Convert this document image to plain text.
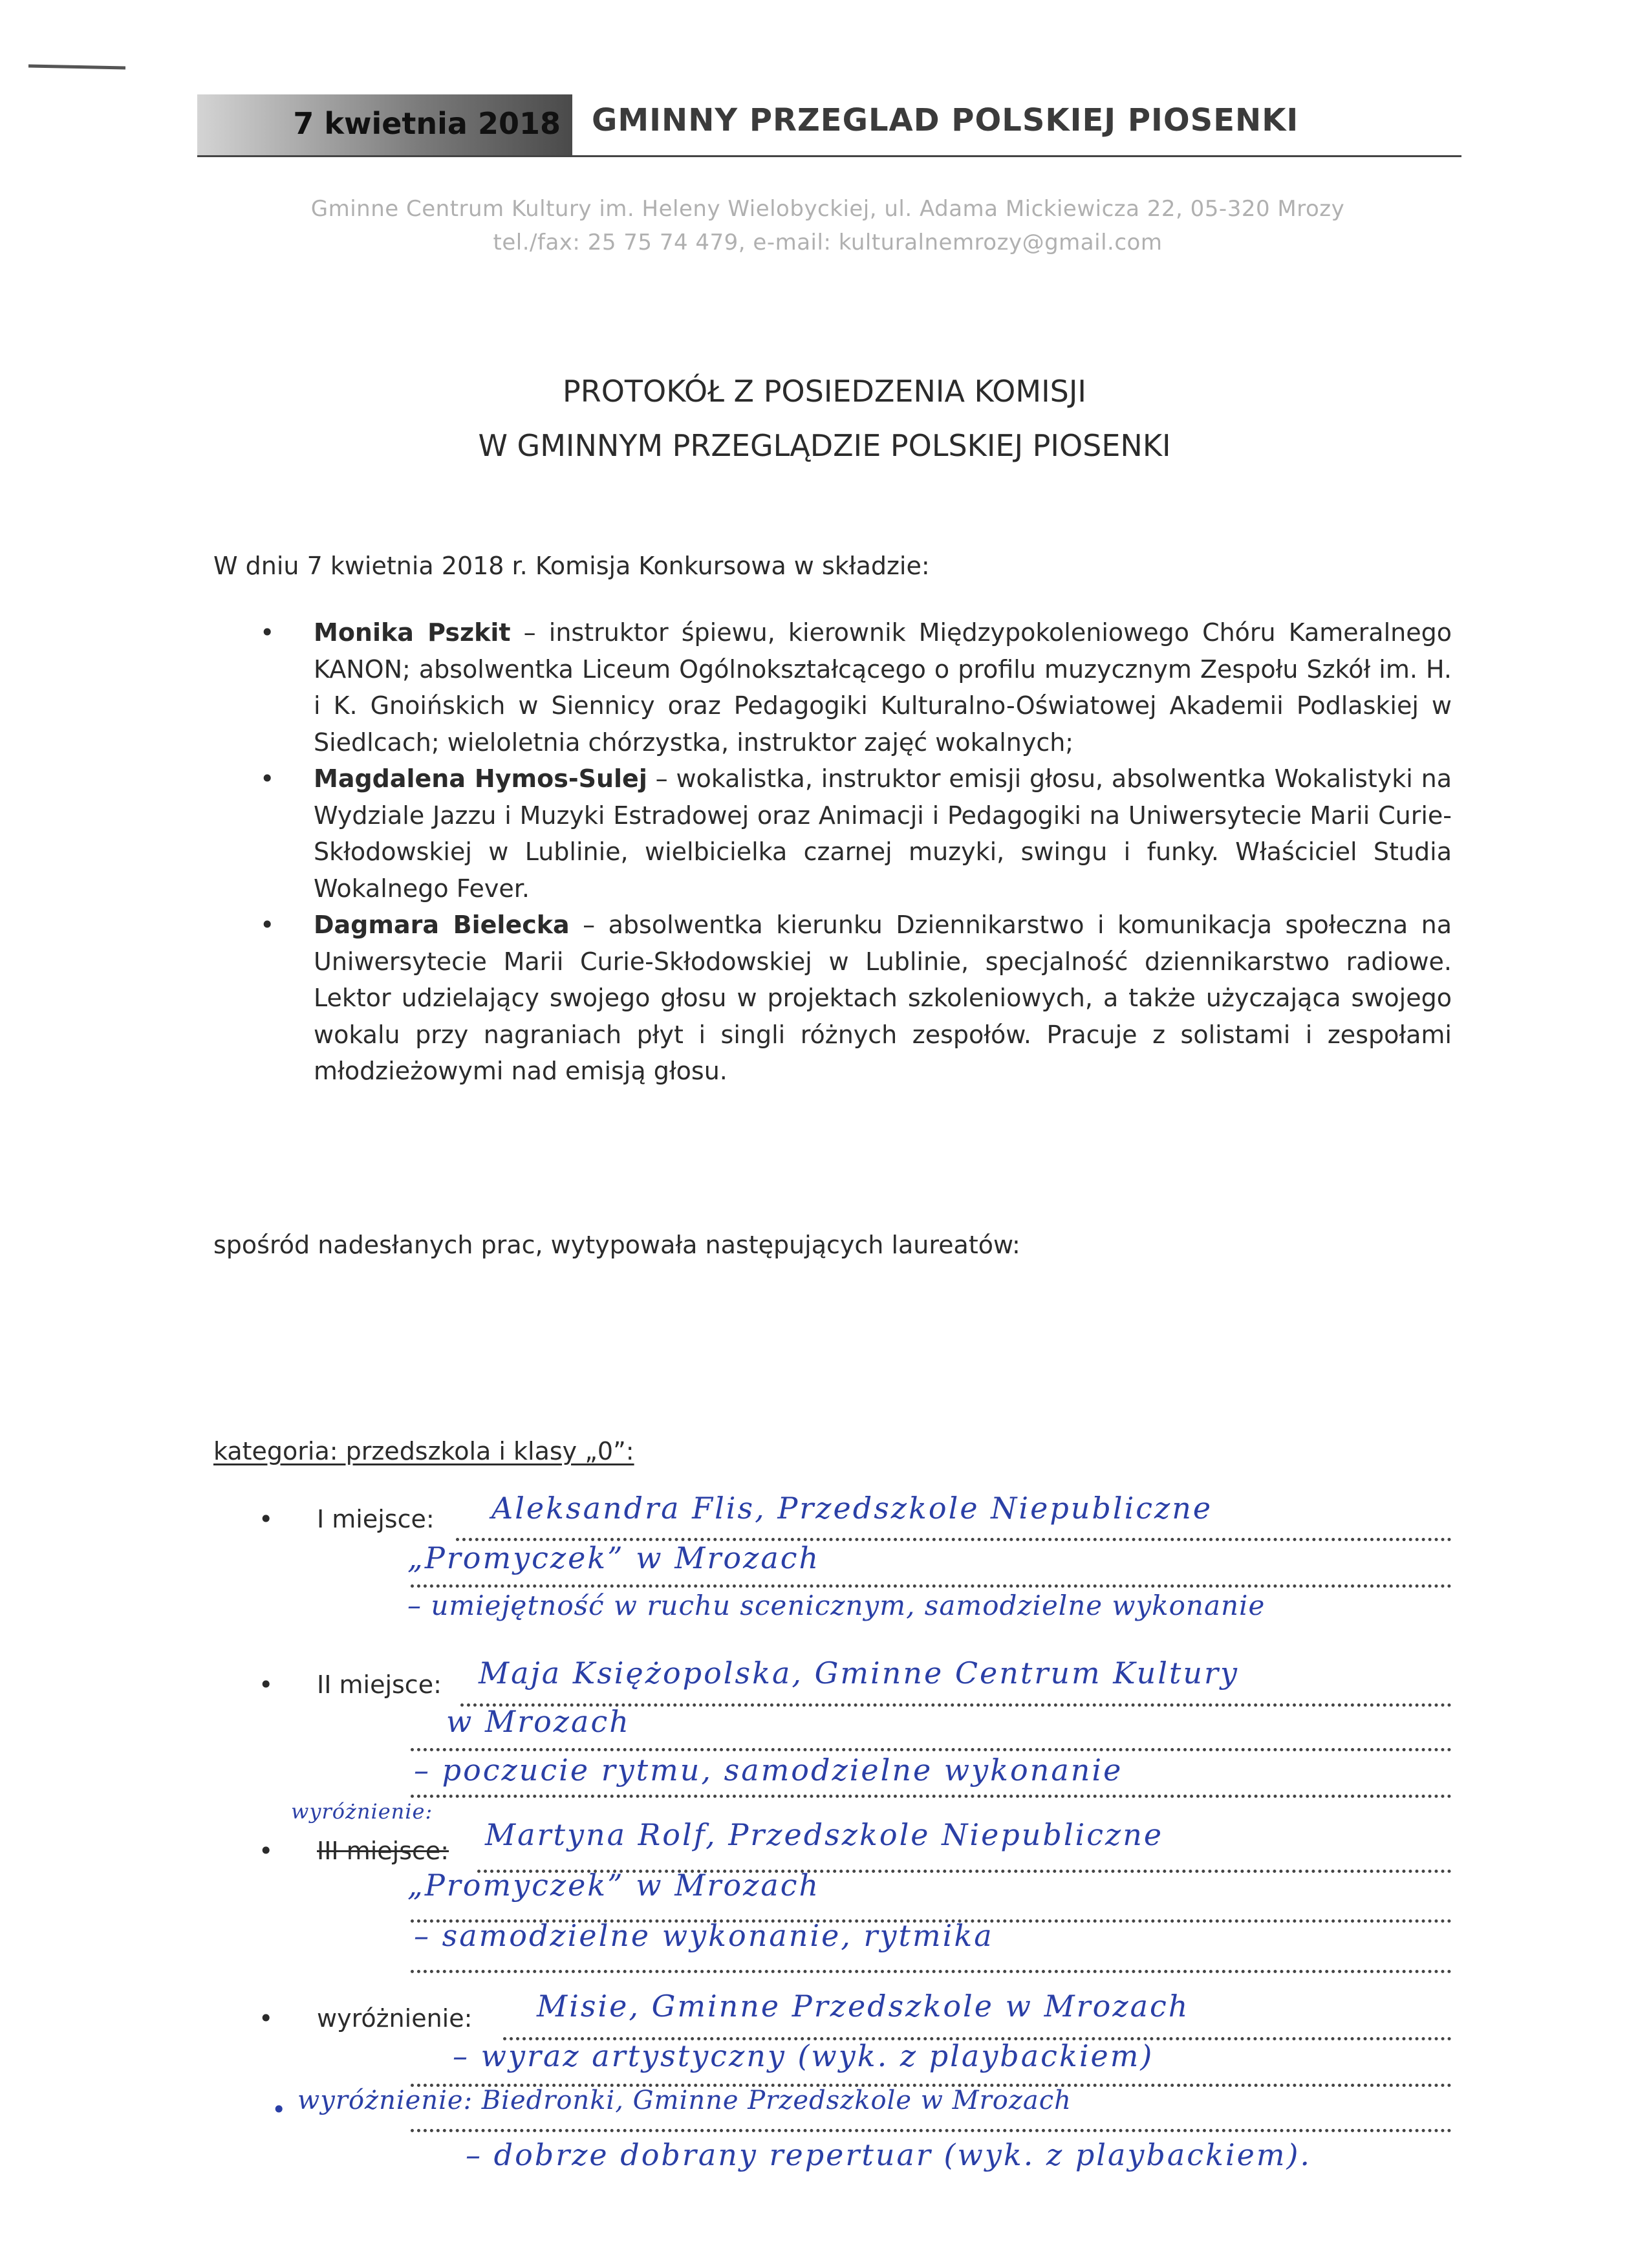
7 kwietnia 2018 GMINNY PRZEGLAD POLSKIEJ PIOSENKI

Gminne Centrum Kultury im. Heleny Wielobyckiej, ul. Adama Mickiewicza 22, 05-320 Mrozy

tel./fax: 25 75 74 479, e-mail: kulturalnemrozy@gmail.com

PROTOKÓŁ Z POSIEDZENIA KOMISJI

W GMINNYM PRZEGLĄDZIE POLSKIEJ PIOSENKI

W dniu 7 kwietnia 2018 r. Komisja Konkursowa w składzie:

• Monika Pszkit – instruktor śpiewu, kierownik Międzypokoleniowego Chóru Kameralnego KANON; absolwentka Liceum Ogólnokształcącego o profilu muzycznym Zespołu Szkół im. H. i K. Gnoińskich w Siennicy oraz Pedagogiki Kulturalno-Oświatowej Akademii Podlaskiej w Siedlcach; wieloletnia chórzystka, instruktor zajęć wokalnych;
• Magdalena Hymos-Sulej – wokalistka, instruktor emisji głosu, absolwentka Wokalistyki na Wydziale Jazzu i Muzyki Estradowej oraz Animacji i Pedagogiki na Uniwersytecie Marii Curie-Skłodowskiej w Lublinie, wielbicielka czarnej muzyki, swingu i funky. Właściciel Studia Wokalnego Fever.
• Dagmara Bielecka – absolwentka kierunku Dziennikarstwo i komunikacja społeczna na Uniwersytecie Marii Curie-Skłodowskiej w Lublinie, specjalność dziennikarstwo radiowe. Lektor udzielający swojego głosu w projektach szkoleniowych, a także użyczająca swojego wokalu przy nagraniach płyt i singli różnych zespołów. Pracuje z solistami i zespołami młodzieżowymi nad emisją głosu.

spośród nadesłanych prac, wytypowała następujących laureatów:

kategoria: przedszkola i klasy „0”:

• I miejsce: Aleksandra Flis, Przedszkole Niepubliczne

„Promyczek” w Mrozach

– umiejętność w ruchu scenicznym, samodzielne wykonanie

• II miejsce: Maja Księżopolska, Gminne Centrum Kultury

w Mrozach

– poczucie rytmu, samodzielne wykonanie

wyróżnienie:

• III miejsce: Martyna Rolf, Przedszkole Niepubliczne

„Promyczek” w Mrozach

– samodzielne wykonanie, rytmika

• wyróżnienie: Misie, Gminne Przedszkole w Mrozach

– wyraz artystyczny (wyk. z playbackiem)

• wyróżnienie: Biedronki, Gminne Przedszkole w Mrozach

– dobrze dobrany repertuar (wyk. z playbackiem).
